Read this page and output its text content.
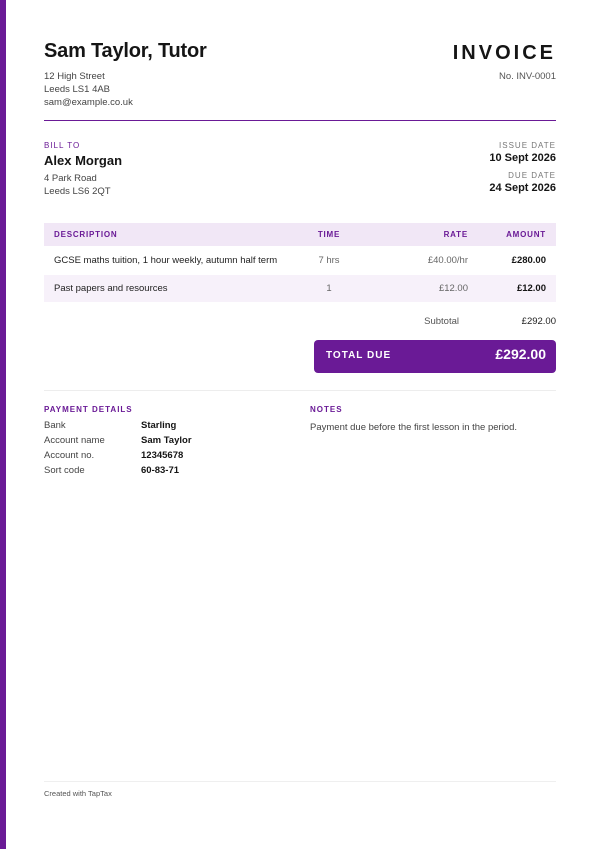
Sam Taylor, Tutor
12 High Street
Leeds LS1 4AB
sam@example.co.uk
INVOICE
No. INV-0001
BILL TO
Alex Morgan
4 Park Road
Leeds LS6 2QT
ISSUE DATE
10 Sept 2026
DUE DATE
24 Sept 2026
DESCRIPTION	TIME	RATE	AMOUNT
GCSE maths tuition, 1 hour weekly, autumn half term	7 hrs	£40.00/hr	£280.00
Past papers and resources	1	£12.00	£12.00
Subtotal	£292.00
TOTAL DUE	£292.00
PAYMENT DETAILS
Bank	Starling
Account name	Sam Taylor
Account no.	12345678
Sort code	60-83-71
NOTES
Payment due before the first lesson in the period.
Created with TapTax
